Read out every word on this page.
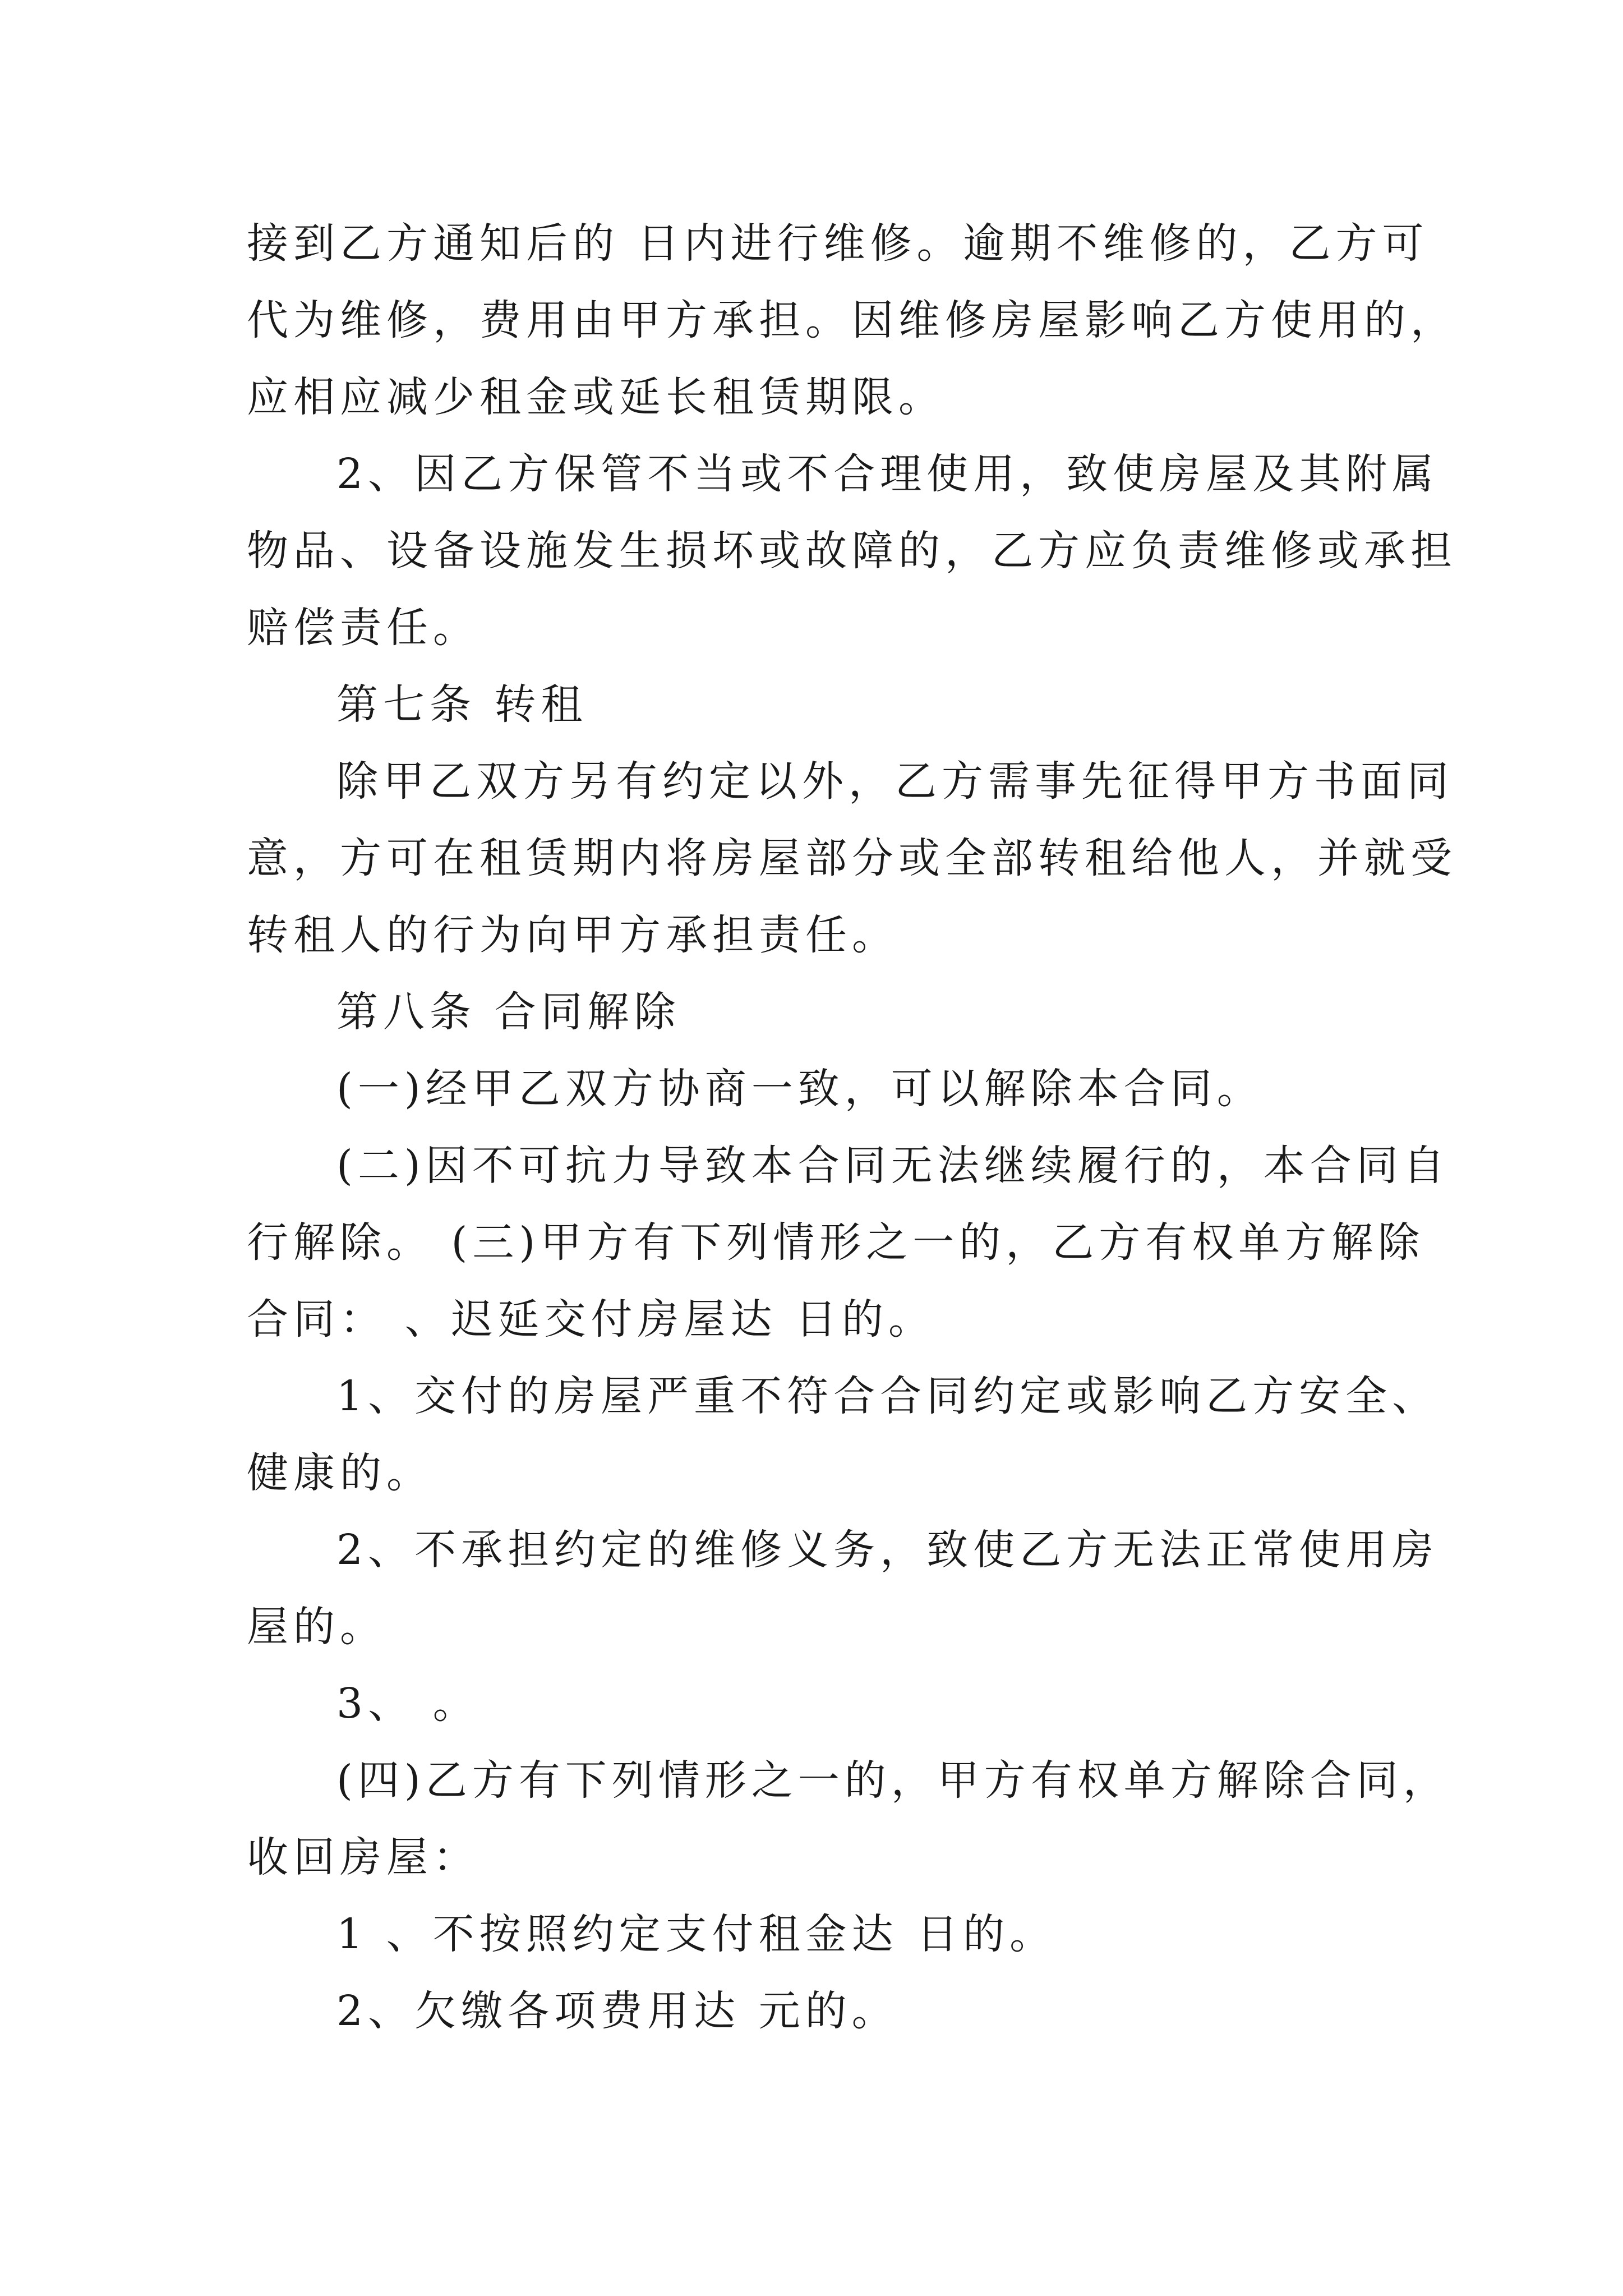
接到乙方通知后的 日内进行维修。逾期不维修的，乙方可
代为维修，费用由甲方承担。因维修房屋影响乙方使用的，
应相应减少租金或延长租赁期限。
2、因乙方保管不当或不合理使用，致使房屋及其附属
物品、设备设施发生损坏或故障的，乙方应负责维修或承担
赔偿责任。
第七条 转租
除甲乙双方另有约定以外，乙方需事先征得甲方书面同
意，方可在租赁期内将房屋部分或全部转租给他人，并就受
转租人的行为向甲方承担责任。
第八条 合同解除
(一)经甲乙双方协商一致，可以解除本合同。
(二)因不可抗力导致本合同无法继续履行的，本合同自
行解除。 (三)甲方有下列情形之一的，乙方有权单方解除
合同： 、迟延交付房屋达 日的。
1、交付的房屋严重不符合合同约定或影响乙方安全、
健康的。
2、不承担约定的维修义务，致使乙方无法正常使用房
屋的。
3、 。
(四)乙方有下列情形之一的，甲方有权单方解除合同，
收回房屋：
1 、不按照约定支付租金达 日的。
2、欠缴各项费用达 元的。
